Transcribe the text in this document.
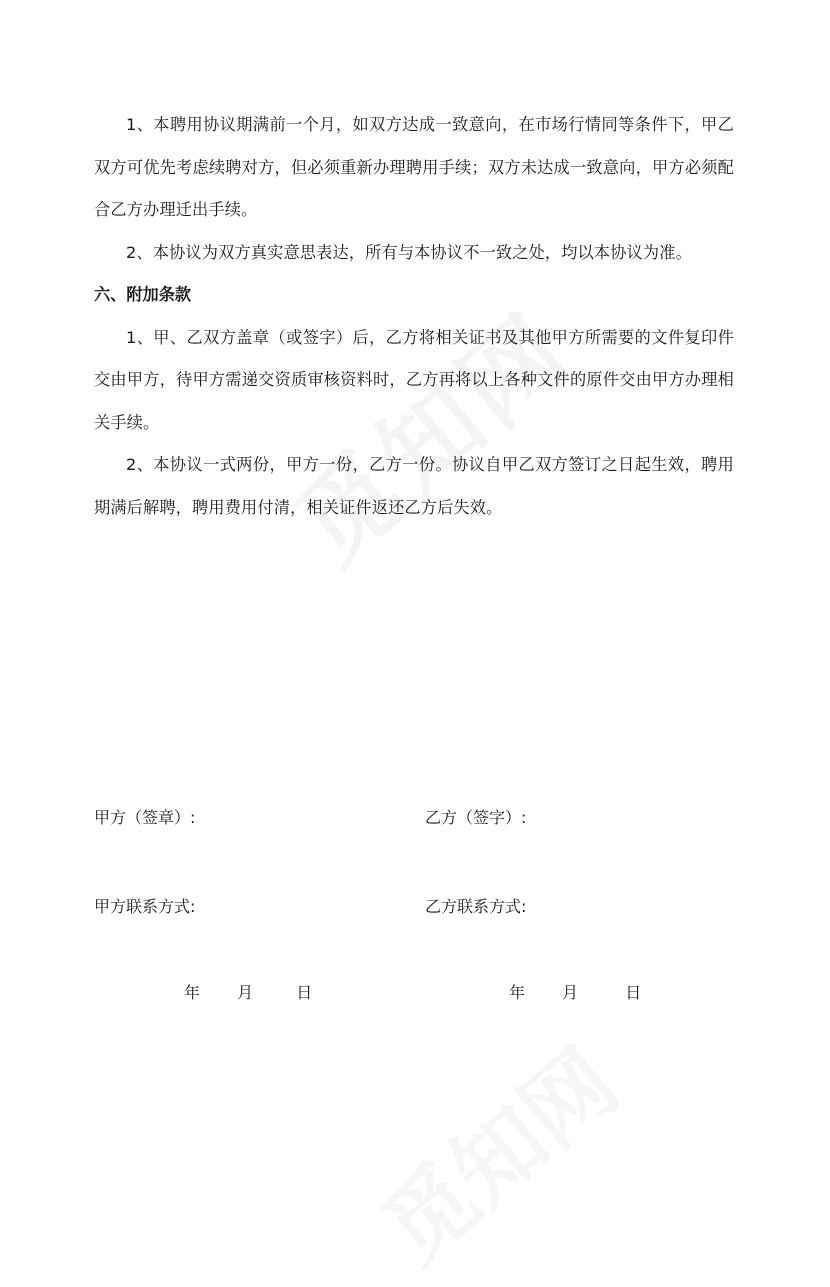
1、本聘用协议期满前一个月，如双方达成一致意向，在市场行情同等条件下，甲乙双方可优先考虑续聘对方，但必须重新办理聘用手续；双方未达成一致意向，甲方必须配合乙方办理迁出手续。

2、本协议为双方真实意思表达，所有与本协议不一致之处，均以本协议为准。

六、附加条款

1、甲、乙双方盖章（或签字）后，乙方将相关证书及其他甲方所需要的文件复印件交由甲方，待甲方需递交资质审核资料时，乙方再将以上各种文件的原件交由甲方办理相关手续。

2、本协议一式两份，甲方一份，乙方一份。协议自甲乙双方签订之日起生效，聘用期满后解聘，聘用费用付清，相关证件返还乙方后失效。

甲方（签章）:	乙方（签字）:
甲方联系方式:	乙方联系方式:
年 月	日	年 月	日
